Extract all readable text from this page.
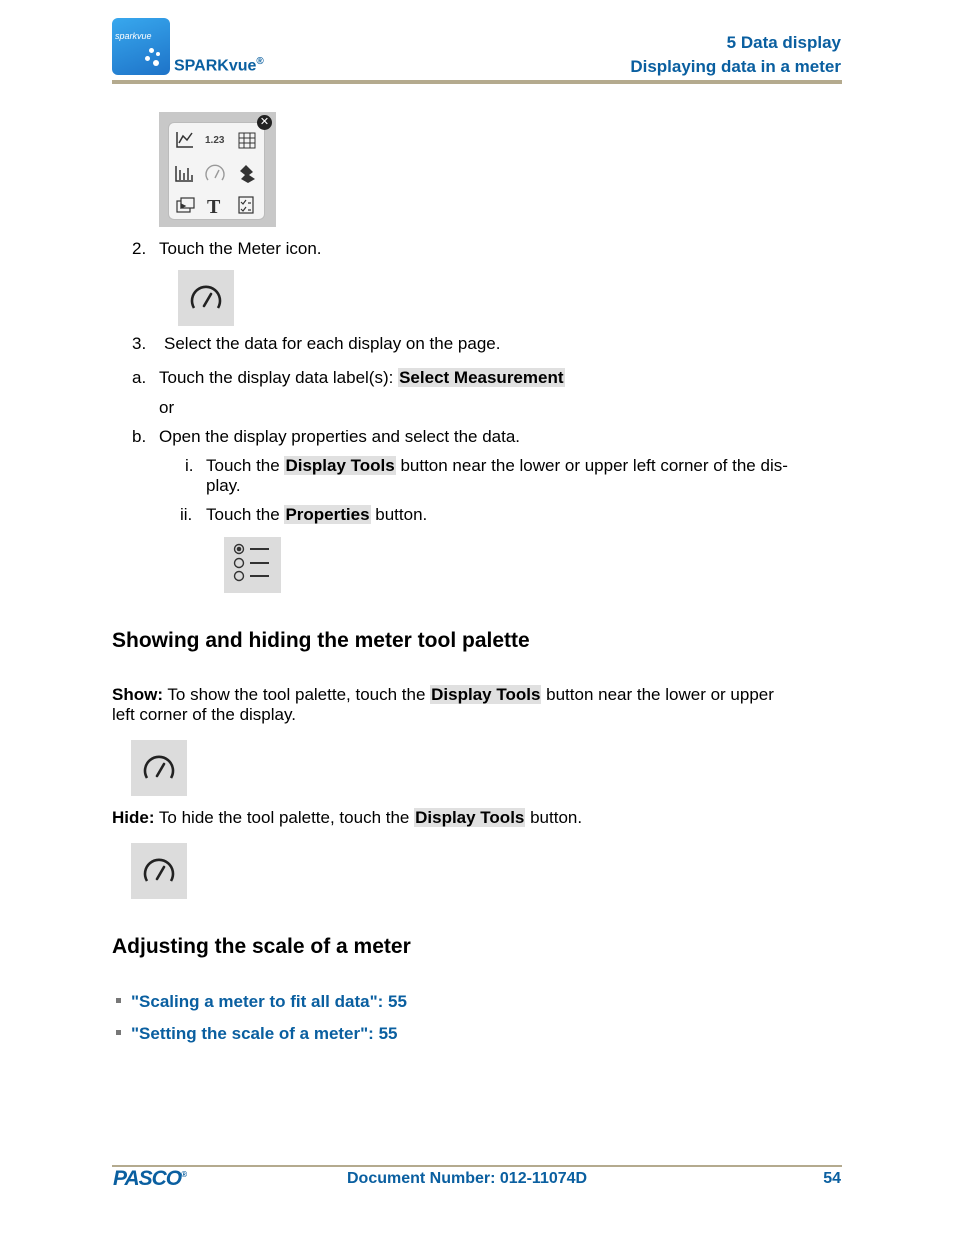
sparkvue
SPARKvue®
5 Data display
Displaying data in a meter
1.23
T
✕
2. Touch the Meter icon.
3. Select the data for each display on the page.
a. Touch the display data label(s): Select Measurement
or
b. Open the display properties and select the data.
i. Touch the Display Tools button near the lower or upper left corner of the dis-
play.
ii. Touch the Properties button.
Showing and hiding the meter tool palette
Show: To show the tool palette, touch the Display Tools button near the lower or upper
left corner of the display.
Hide: To hide the tool palette, touch the Display Tools button.
Adjusting the scale of a meter
"Scaling a meter to fit all data": 55
"Setting the scale of a meter": 55
PASCO®	Document Number: 012-11074D	54
